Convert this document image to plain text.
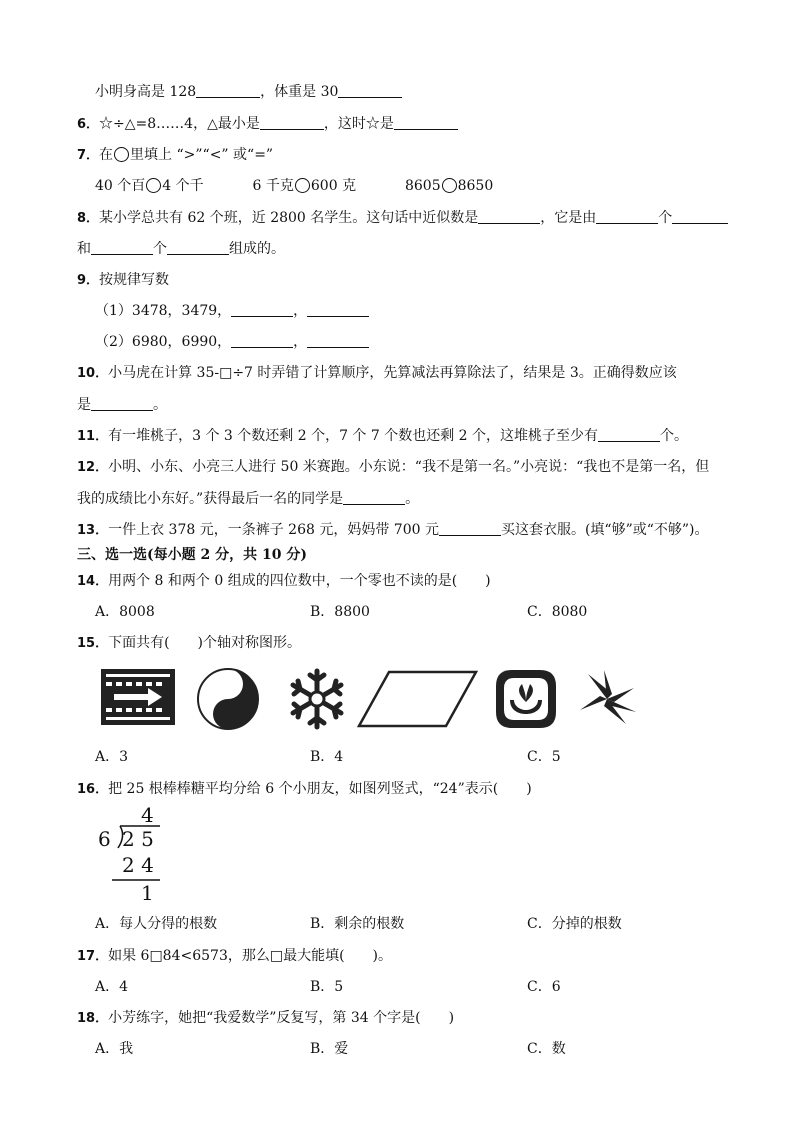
小明身高是 128	，体重是 30
6．☆÷△=8……4，△最小是	，这时☆是
7．在 里填上 “>”“<” 或“=”
40 个百 4 个千	6 千克 600 克	8605 8650
8．某小学总共有 62 个班，近 2800 名学生。这句话中近似数是	，它是由	个
和	个	组成的。
9．按规律写数
（1）3478，3479，	，
（2）6980，6990，	，
10．小马虎在计算 35-□÷7 时弄错了计算顺序，先算减法再算除法了，结果是 3。正确得数应该
是	。
11．有一堆桃子，3 个 3 个数还剩 2 个，7 个 7 个数也还剩 2 个，这堆桃子至少有	个。
12．小明、小东、小亮三人进行 50 米赛跑。小东说：“我不是第一名。”小亮说：“我也不是第一名，但
我的成绩比小东好。”获得最后一名的同学是	。
13．一件上衣 378 元，一条裤子 268 元，妈妈带 700 元	买这套衣服。(填“够”或“不够”)。
三、选一选(每小题 2 分，共 10 分)
14．用两个 8 和两个 0 组成的四位数中，一个零也不读的是(　　)
A．8008	B．8800	C．8080
15．下面共有(　　)个轴对称图形。
A．3	B．4	C．5
16．把 25 根棒棒糖平均分给 6 个小朋友，如图列竖式，“24”表示(　　)
4
6 2 5
2 4
1
A．每人分得的根数	B．剩余的根数	C．分掉的根数
17．如果 6□84<6573，那么□最大能填(　　)。
A．4	B．5	C．6
18．小芳练字，她把“我爱数学”反复写，第 34 个字是(　　)
A．我	B．爱	C．数
